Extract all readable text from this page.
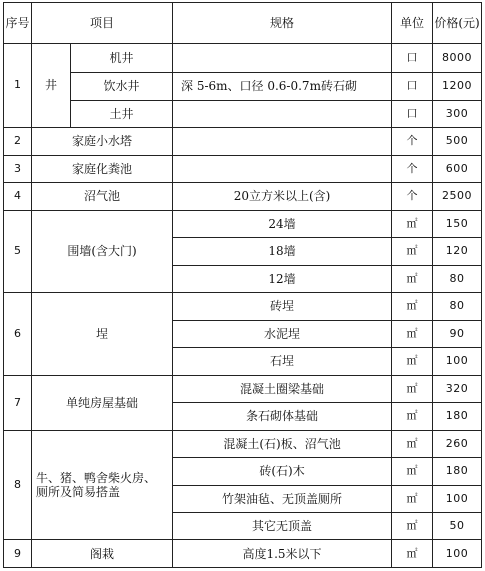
序号	项目		规格	单位	价格(元)
1	井	机井		口	8000
		饮水井	深 5-6m、口径 0.6-0.7m砖石砌	口	1200
		土井		口	300
2	家庭小水塔			个	500
3	家庭化粪池			个	600
4	沼气池		20立方米以上(含)	个	2500
5	围墙(含大门)		24墙	㎡	150
			18墙	㎡	120
			12墙	㎡	80
6	埕		砖埕	㎡	80
			水泥埕	㎡	90
			石埕	㎡	100
7	单纯房屋基础		混凝土圈梁基础	㎡	320
			条石砌体基础	㎡	180
8	牛、猪、鸭舍柴火房、
厕所及简易搭盖		混凝土(石)板、沼气池	㎡	260
			砖(石)木	㎡	180
			竹架油毡、无顶盖厕所	㎡	100
			其它无顶盖	㎡	50
9	阁栽		高度1.5米以下	㎡	100
